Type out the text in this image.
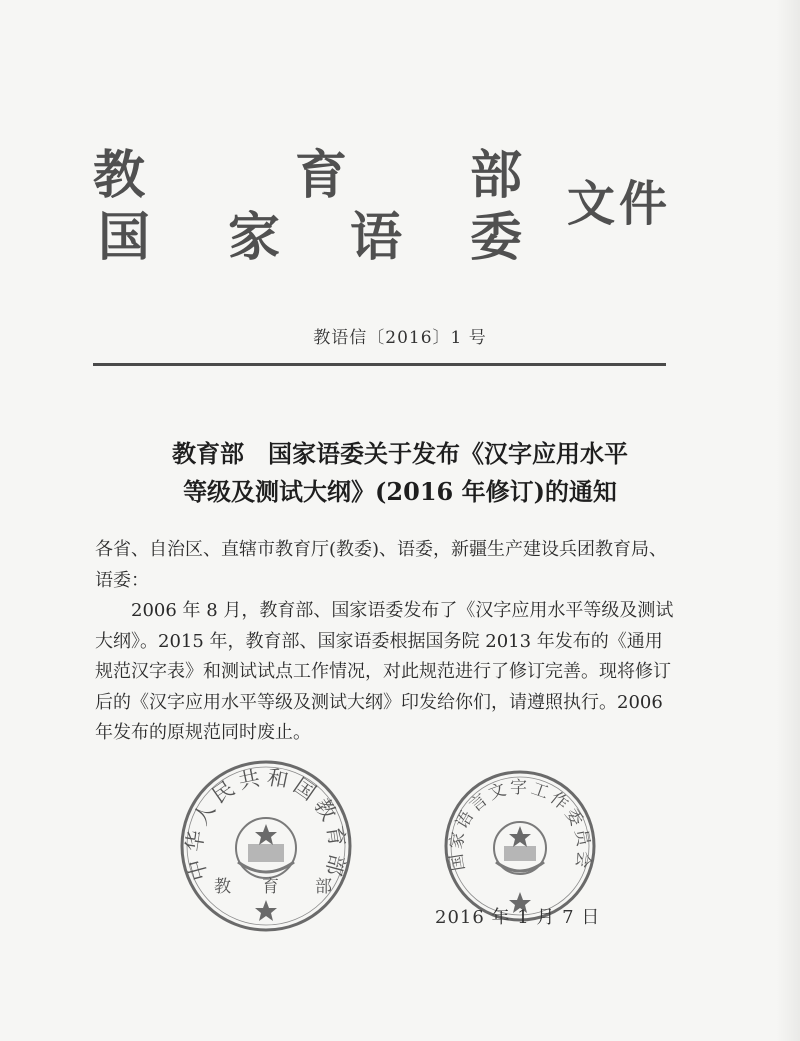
教	育 部
国 家 语 委
文件
教语信〔2016〕1 号
教育部　国家语委关于发布《汉字应用水平
等级及测试大纲》(2016 年修订)的通知

各省、自治区、直辖市教育厅(教委)、语委，新疆生产建设兵团教育局、语委：

2006 年 8 月，教育部、国家语委发布了《汉字应用水平等级及测试大纲》。2015 年，教育部、国家语委根据国务院 2013 年发布的《通用规范汉字表》和测试试点工作情况，对此规范进行了修订完善。现将修订后的《汉字应用水平等级及测试大纲》印发给你们，请遵照执行。2006 年发布的原规范同时废止。

中华人民共和国教育部
教 育 部
国家语言文字工作委员会
2016 年 1 月 7 日
